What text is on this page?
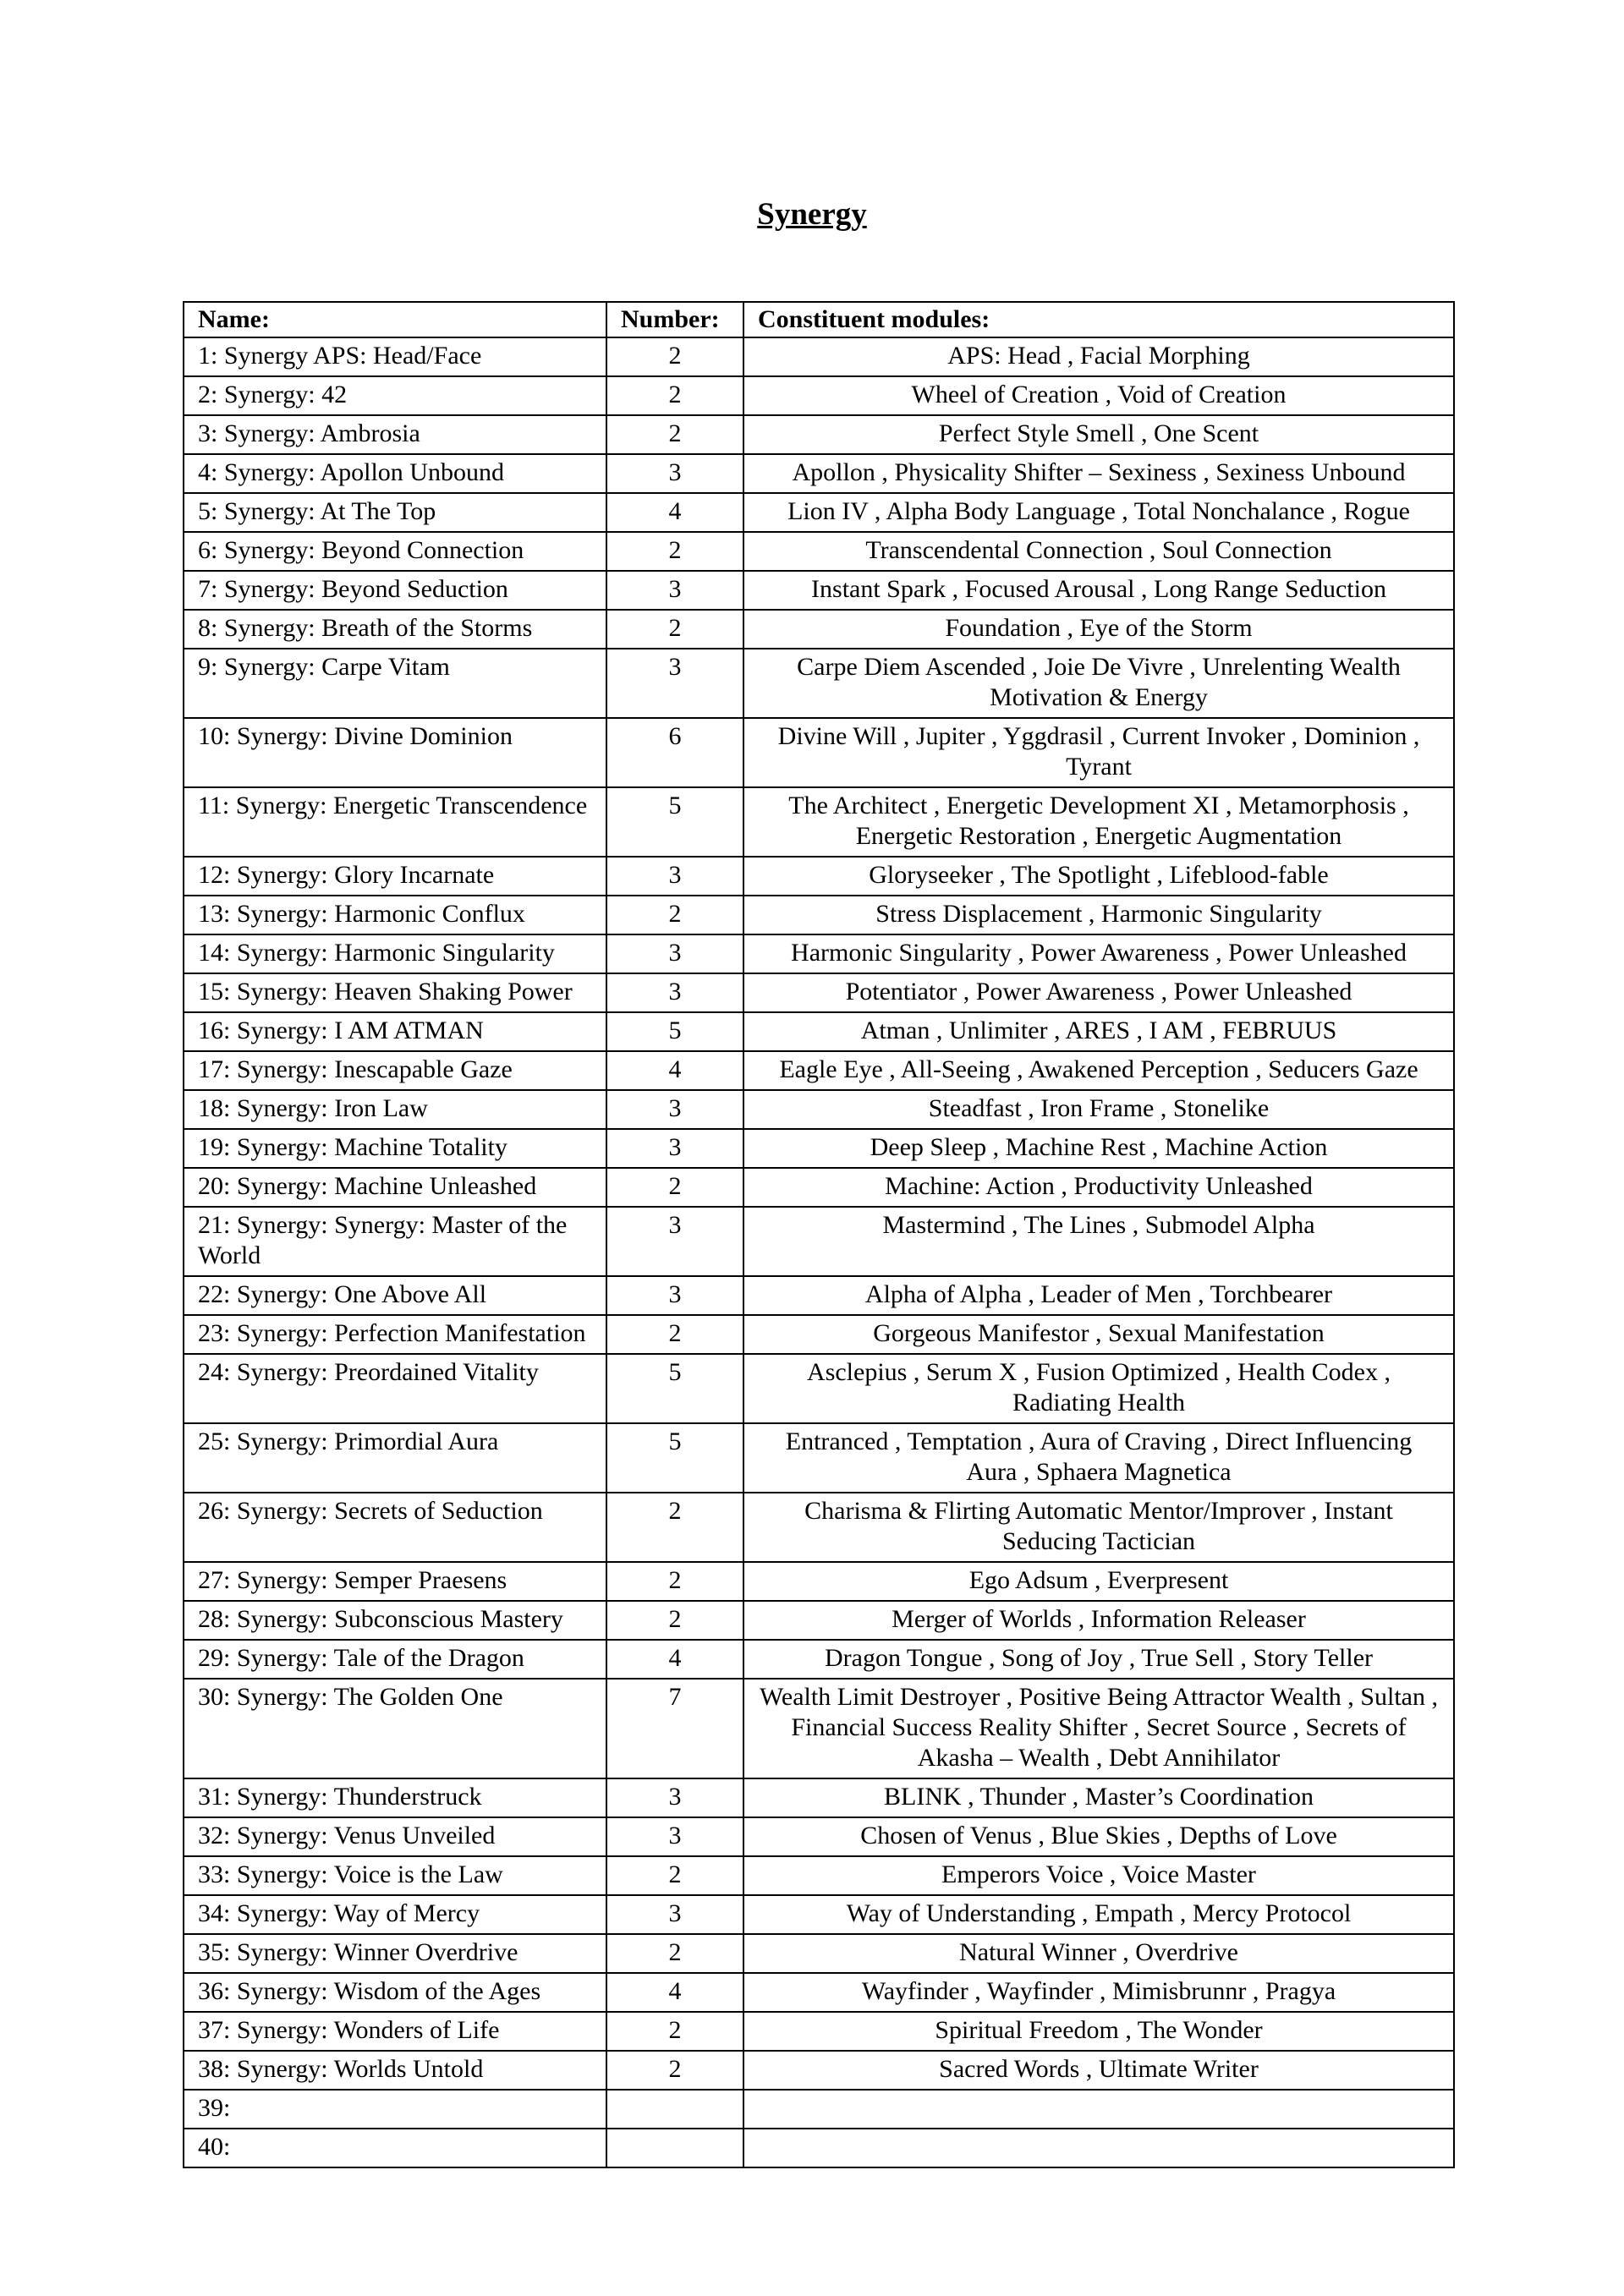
Synergy
Name:	Number:	Constituent modules:
1: Synergy APS: Head/Face	2	APS: Head , Facial Morphing
2: Synergy: 42	2	Wheel of Creation , Void of Creation
3: Synergy: Ambrosia	2	Perfect Style Smell , One Scent
4: Synergy: Apollon Unbound	3	Apollon , Physicality Shifter – Sexiness , Sexiness Unbound
5: Synergy: At The Top	4	Lion IV , Alpha Body Language , Total Nonchalance , Rogue
6: Synergy: Beyond Connection	2	Transcendental Connection , Soul Connection
7: Synergy: Beyond Seduction	3	Instant Spark , Focused Arousal , Long Range Seduction
8: Synergy: Breath of the Storms	2	Foundation , Eye of the Storm
9: Synergy: Carpe Vitam	3	Carpe Diem Ascended , Joie De Vivre , Unrelenting Wealth Motivation & Energy
10: Synergy: Divine Dominion	6	Divine Will , Jupiter , Yggdrasil , Current Invoker , Dominion , Tyrant
11: Synergy: Energetic Transcendence	5	The Architect , Energetic Development XI , Metamorphosis , Energetic Restoration , Energetic Augmentation
12: Synergy: Glory Incarnate	3	Gloryseeker , The Spotlight , Lifeblood-fable
13: Synergy: Harmonic Conflux	2	Stress Displacement , Harmonic Singularity
14: Synergy: Harmonic Singularity	3	Harmonic Singularity , Power Awareness , Power Unleashed
15: Synergy: Heaven Shaking Power	3	Potentiator , Power Awareness , Power Unleashed
16: Synergy: I AM ATMAN	5	Atman , Unlimiter , ARES , I AM , FEBRUUS
17: Synergy: Inescapable Gaze	4	Eagle Eye , All-Seeing , Awakened Perception , Seducers Gaze
18: Synergy: Iron Law	3	Steadfast , Iron Frame , Stonelike
19: Synergy: Machine Totality	3	Deep Sleep , Machine Rest , Machine Action
20: Synergy: Machine Unleashed	2	Machine: Action , Productivity Unleashed
21: Synergy: Synergy: Master of the World	3	Mastermind , The Lines , Submodel Alpha
22: Synergy: One Above All	3	Alpha of Alpha , Leader of Men , Torchbearer
23: Synergy: Perfection Manifestation	2	Gorgeous Manifestor , Sexual Manifestation
24: Synergy: Preordained Vitality	5	Asclepius , Serum X , Fusion Optimized , Health Codex , Radiating Health
25: Synergy: Primordial Aura	5	Entranced , Temptation , Aura of Craving , Direct Influencing Aura , Sphaera Magnetica
26: Synergy: Secrets of Seduction	2	Charisma & Flirting Automatic Mentor/Improver , Instant Seducing Tactician
27: Synergy: Semper Praesens	2	Ego Adsum , Everpresent
28: Synergy: Subconscious Mastery	2	Merger of Worlds , Information Releaser
29: Synergy: Tale of the Dragon	4	Dragon Tongue , Song of Joy , True Sell , Story Teller
30: Synergy: The Golden One	7	Wealth Limit Destroyer , Positive Being Attractor Wealth , Sultan , Financial Success Reality Shifter , Secret Source , Secrets of Akasha – Wealth , Debt Annihilator
31: Synergy: Thunderstruck	3	BLINK , Thunder , Master’s Coordination
32: Synergy: Venus Unveiled	3	Chosen of Venus , Blue Skies , Depths of Love
33: Synergy: Voice is the Law	2	Emperors Voice , Voice Master
34: Synergy: Way of Mercy	3	Way of Understanding , Empath , Mercy Protocol
35: Synergy: Winner Overdrive	2	Natural Winner , Overdrive
36: Synergy: Wisdom of the Ages	4	Wayfinder , Wayfinder , Mimisbrunnr , Pragya
37: Synergy: Wonders of Life	2	Spiritual Freedom , The Wonder
38: Synergy: Worlds Untold	2	Sacred Words , Ultimate Writer
39:		
40:		
